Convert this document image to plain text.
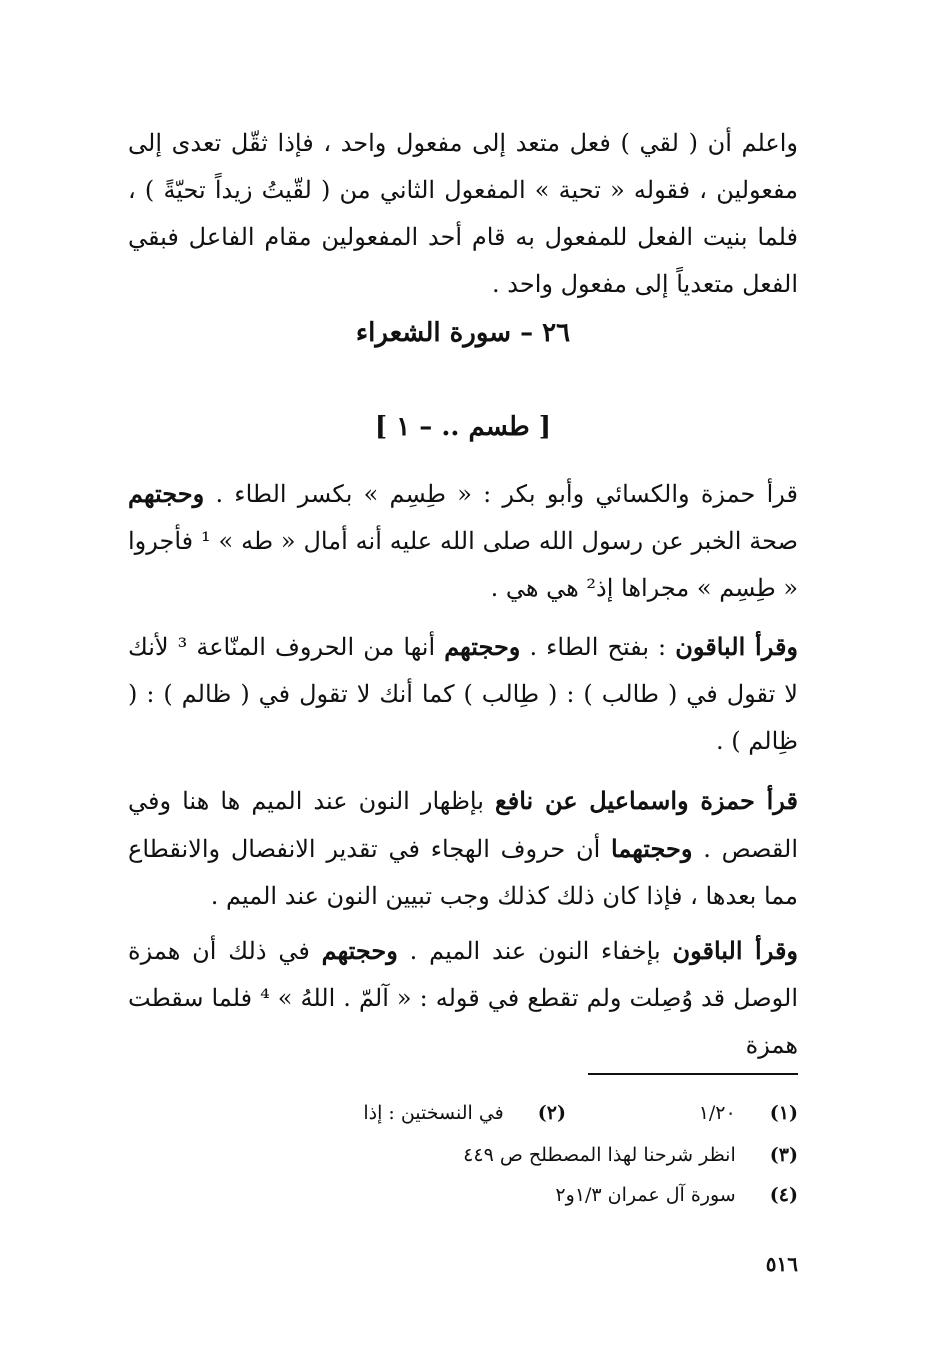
واعلم أن ( لقي ) فعل متعد إلى مفعول واحد ، فإذا ثقّل تعدى إلى مفعولين ، فقوله « تحية » المفعول الثاني من ( لقّيتُ زيداً تحيّةً ) ، فلما بنيت الفعل للمفعول به قام أحد المفعولين مقام الفاعل فبقي الفعل متعدياً إلى مفعول واحد .

٢٦ – سورة الشعراء
[ طسم .. – ١ ]

قرأ حمزة والكسائي وأبو بكر : « طِسِم » بكسر الطاء . وحجتهم صحة الخبر عن رسول الله صلى الله عليه أنه أمال « طه » ¹ فأجروا « طِسِم » مجراها إذ² هي هي .

وقرأ الباقون : بفتح الطاء . وحجتهم أنها من الحروف المنّاعة ³ لأنك لا تقول في ( طالب ) : ( طِالب ) كما أنك لا تقول في ( ظالم ) : ( ظِالم ) .

قرأ حمزة واسماعيل عن نافع بإظهار النون عند الميم ها هنا وفي القصص . وحجتهما أن حروف الهجاء في تقدير الانفصال والانقطاع مما بعدها ، فإذا كان ذلك كذلك وجب تبيين النون عند الميم .

وقرأ الباقون بإخفاء النون عند الميم . وحجتهم في ذلك أن همزة الوصل قد وُصِلت ولم تقطع في قوله : « آلمّ . اللهُ » ⁴ فلما سقطت همزة

(١) ١/٢٠
(٢) في النسختين : إذا
(٣) انظر شرحنا لهذا المصطلح ص ٤٤٩
(٤) سورة آل عمران ١/٣و٢
٥١٦
